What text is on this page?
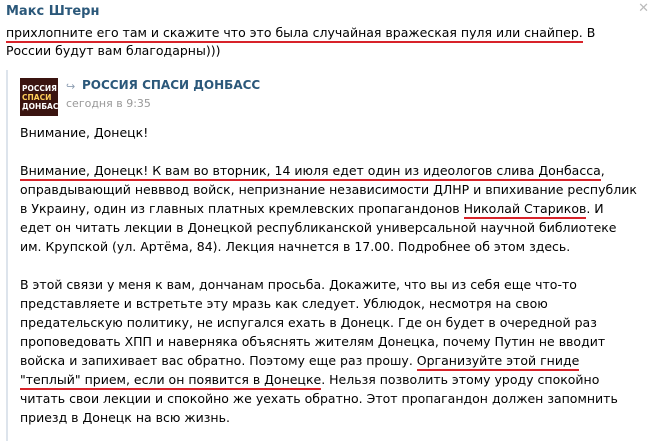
Макс Штерн	✕
прихлопните его там и скажите что это была случайная вражеская пуля или снайпер. В России будут вам благодарны)))
РОССИЯ
СПАСИ
ДОНБАСС
↪ РОССИЯ СПАСИ ДОНБАСС
сегодня в 9:35

Внимание, Донецк!

Внимание, Донецк! К вам во вторник, 14 июля едет один из идеологов слива Донбасса, оправдывающий невввод войск, непризнание независимости ДЛНР и впихивание республик в Украину, один из главных платных кремлевских пропагандонов Николай Стариков. И едет он читать лекции в Донецкой республиканской универсальной научной библиотеке им. Крупской (ул. Артёма, 84). Лекция начнется в 17.00. Подробнее об этом здесь.

В этой связи у меня к вам, дончанам просьба. Докажите, что вы из себя еще что-то представляете и встретьте эту мразь как следует. Ублюдок, несмотря на свою предательскую политику, не испугался ехать в Донецк. Где он будет в очередной раз проповедовать ХПП и наверняка объяснять жителям Донецка, почему Путин не вводит войска и запихивает вас обратно. Поэтому еще раз прошу. Организуйте этой гниде "теплый" прием, если он появится в Донецке. Нельзя позволить этому уроду спокойно читать свои лекции и спокойно же уехать обратно. Этот пропагандон должен запомнить приезд в Донецк на всю жизнь.
